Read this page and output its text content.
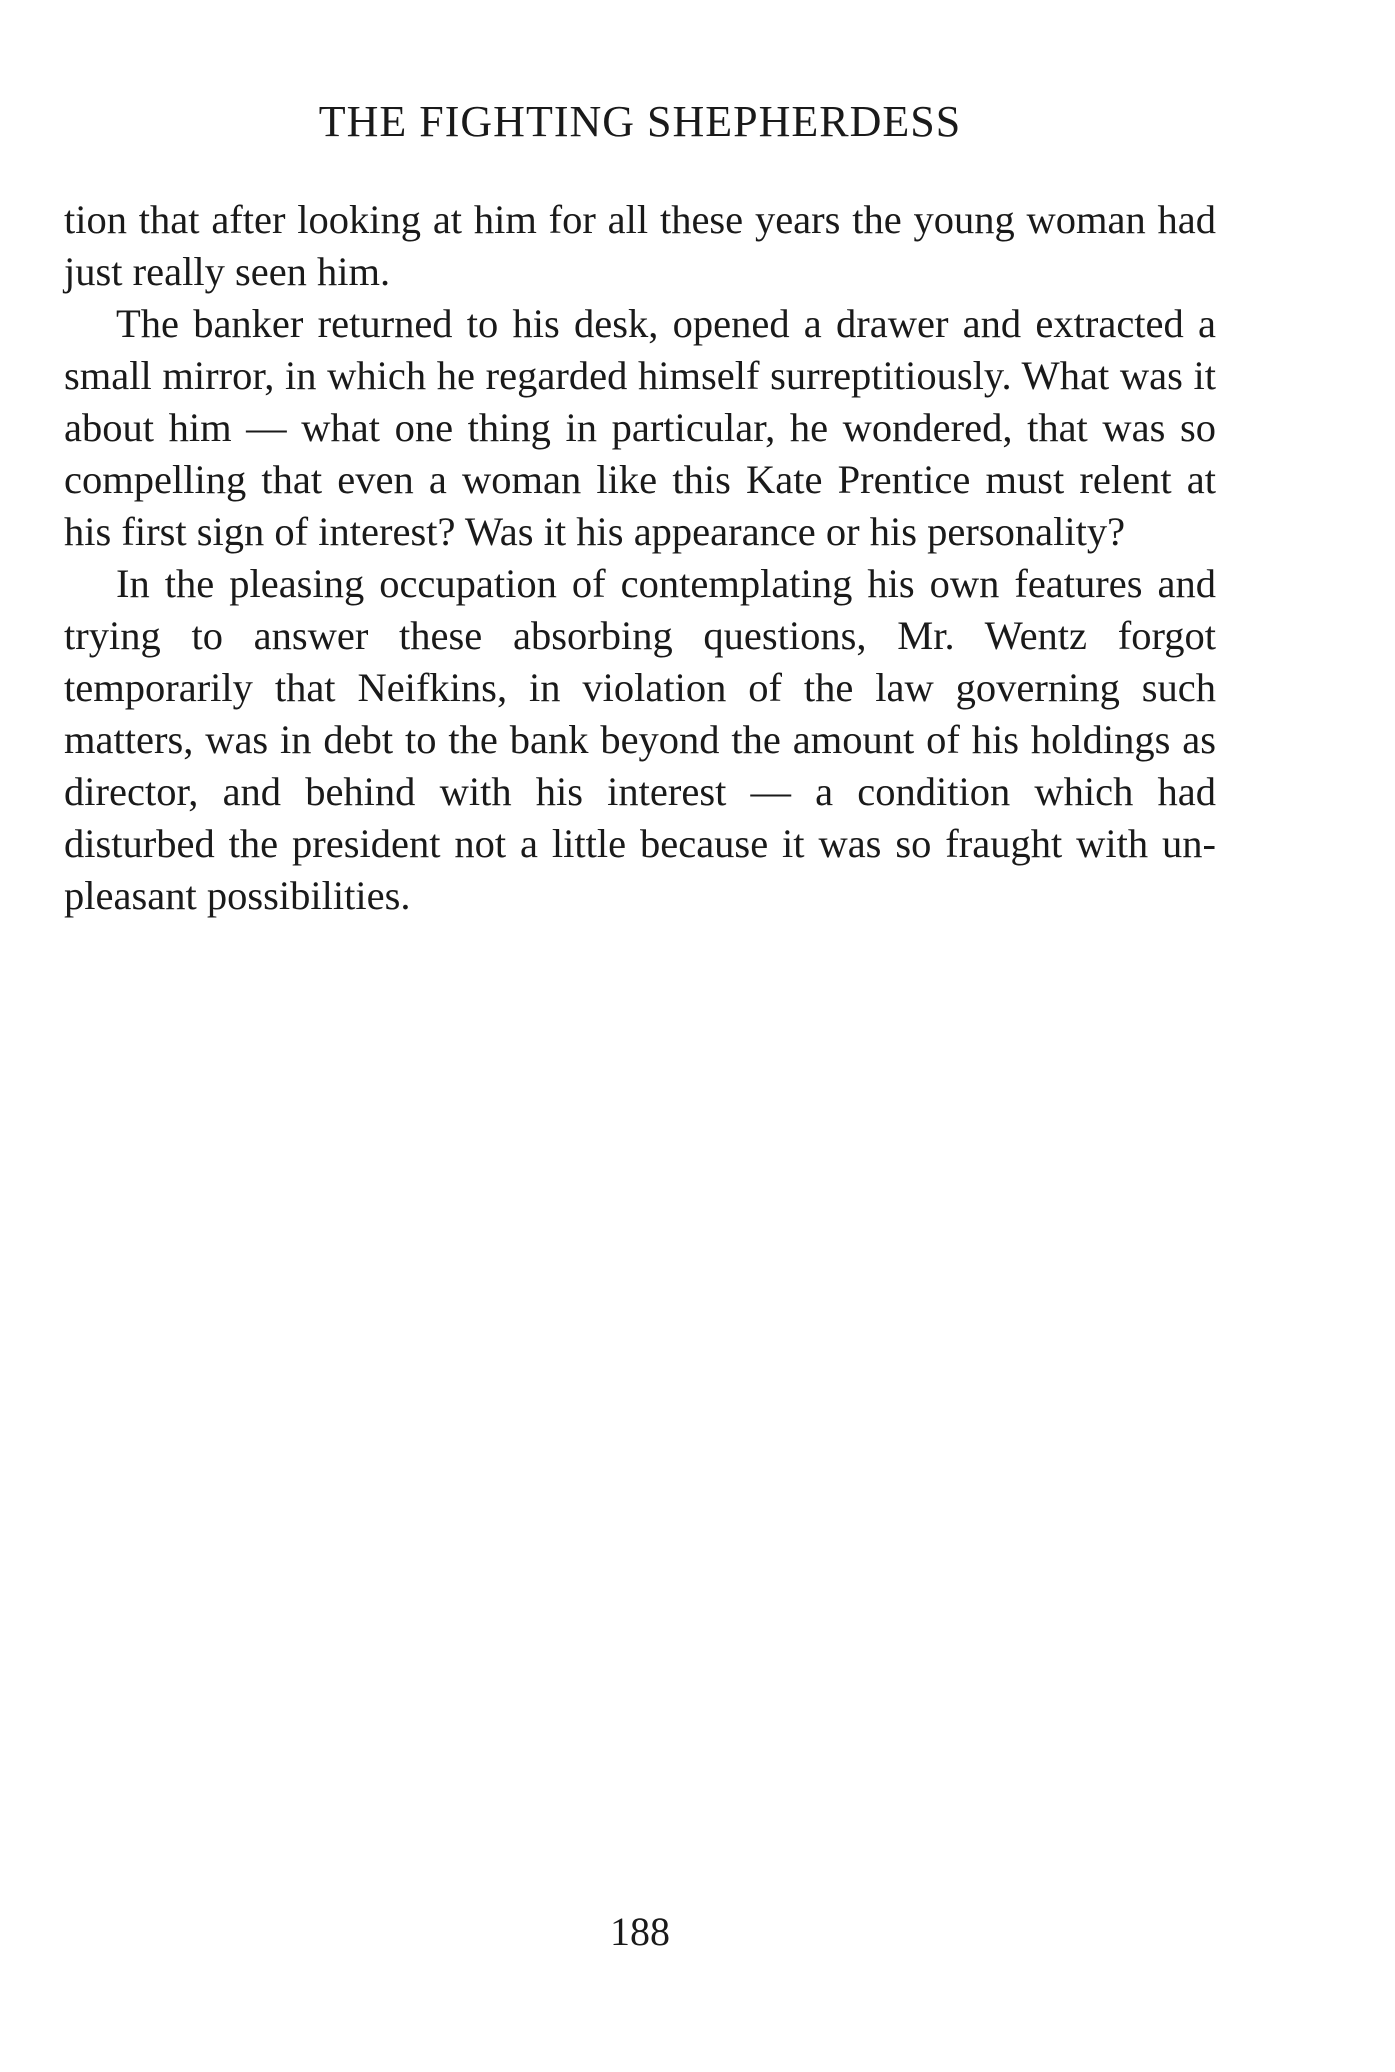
THE FIGHTING SHEPHERDESS

tion that after looking at him for all these years the young woman had just really seen him.

The banker returned to his desk, opened a drawer and extracted a small mirror, in which he regarded himself surreptitiously. What was it about him — what one thing in particular, he wondered, that was so compelling that even a woman like this Kate Prentice must relent at his first sign of interest? Was it his appearance or his personality?

In the pleasing occupation of contemplating his own features and trying to answer these absorbing questions, Mr. Wentz forgot temporarily that Neifkins, in violation of the law governing such matters, was in debt to the bank beyond the amount of his holdings as director, and behind with his interest — a condition which had disturbed the president not a little because it was so fraught with unpleasant possibilities.

188
